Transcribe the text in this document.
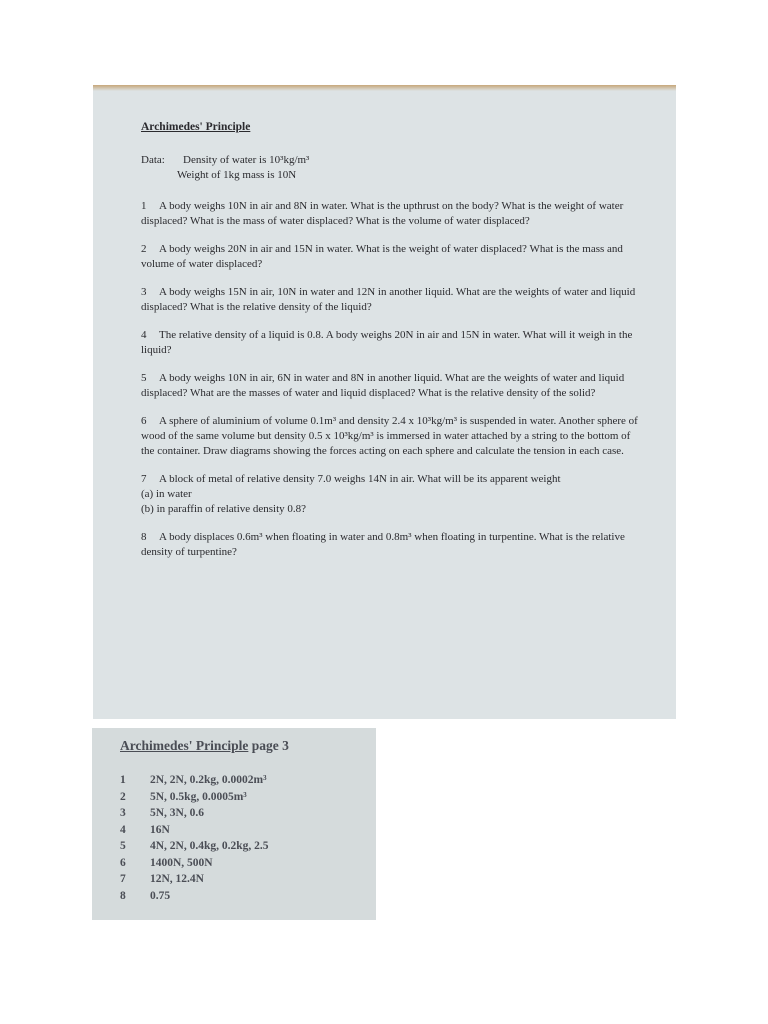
Archimedes' Principle
Data:	Density of water is 10³kg/m³
Weight of 1kg mass is 10N
1 A body weighs 10N in air and 8N in water. What is the upthrust on the body? What is the weight of water displaced? What is the mass of water displaced? What is the volume of water displaced?
2 A body weighs 20N in air and 15N in water. What is the weight of water displaced? What is the mass and volume of water displaced?
3 A body weighs 15N in air, 10N in water and 12N in another liquid. What are the weights of water and liquid displaced? What is the relative density of the liquid?
4 The relative density of a liquid is 0.8. A body weighs 20N in air and 15N in water. What will it weigh in the liquid?
5 A body weighs 10N in air, 6N in water and 8N in another liquid. What are the weights of water and liquid displaced? What are the masses of water and liquid displaced? What is the relative density of the solid?
6 A sphere of aluminium of volume 0.1m³ and density 2.4 x 10³kg/m³ is suspended in water. Another sphere of wood of the same volume but density 0.5 x 10³kg/m³ is immersed in water attached by a string to the bottom of the container. Draw diagrams showing the forces acting on each sphere and calculate the tension in each case.
7 A block of metal of relative density 7.0 weighs 14N in air. What will be its apparent weight
(a) in water
(b) in paraffin of relative density 0.8?
8 A body displaces 0.6m³ when floating in water and 0.8m³ when floating in turpentine. What is the relative density of turpentine?
Archimedes' Principle page 3
1	2N, 2N, 0.2kg, 0.0002m³
2	5N, 0.5kg, 0.0005m³
3	5N, 3N, 0.6
4	16N
5	4N, 2N, 0.4kg, 0.2kg, 2.5
6	1400N, 500N
7	12N, 12.4N
8	0.75
